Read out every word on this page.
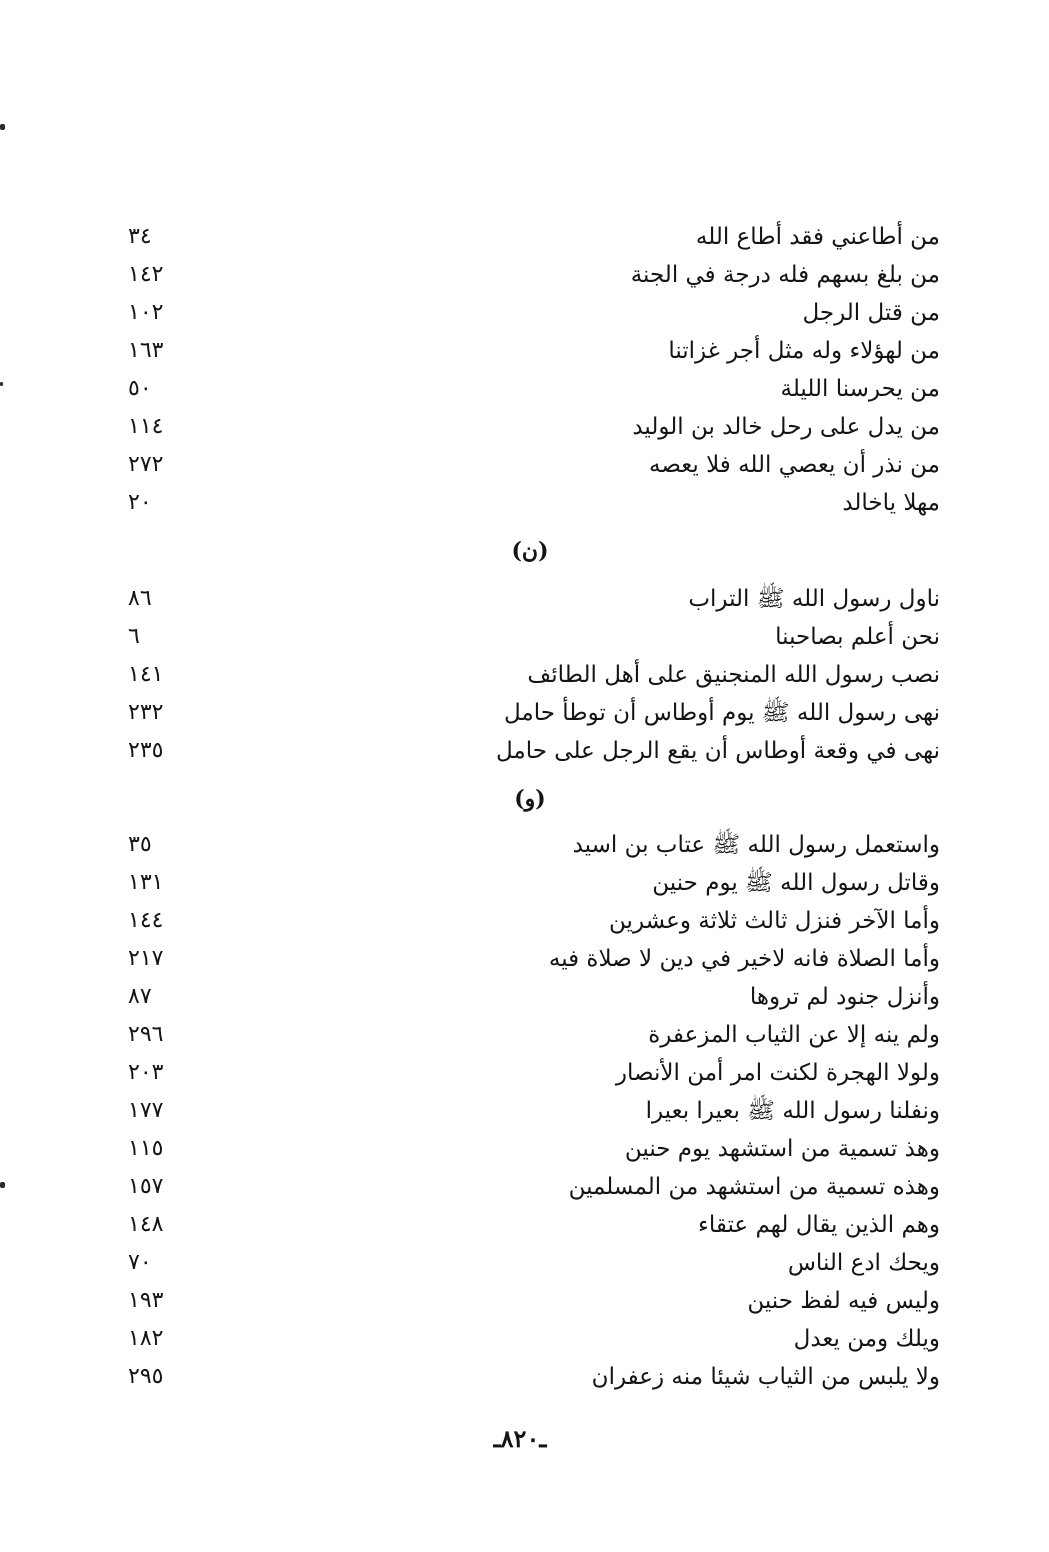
من أطاعني فقد أطاع الله
٣٤
من بلغ بسهم فله درجة في الجنة
١٤٢
من قتل الرجل
١٠٢
من لهؤلاء وله مثل أجر غزاتنا
١٦٣
من يحرسنا الليلة
٥٠
من يدل على رحل خالد بن الوليد
١١٤
من نذر أن يعصي الله فلا يعصه
٢٧٢
مهلا ياخالد
٢٠
(ن)
ناول رسول الله ﷺ التراب
٨٦
نحن أعلم بصاحبنا
٦
نصب رسول الله المنجنيق على أهل الطائف
١٤١
نهى رسول الله ﷺ يوم أوطاس أن توطأ حامل
٢٣٢
نهى في وقعة أوطاس أن يقع الرجل على حامل
٢٣٥
(و)
واستعمل رسول الله ﷺ عتاب بن اسيد
٣٥
وقاتل رسول الله ﷺ يوم حنين
١٣١
وأما الآخر فنزل ثالث ثلاثة وعشرين
١٤٤
وأما الصلاة فانه لاخير في دين لا صلاة فيه
٢١٧
وأنزل جنود لم تروها
٨٧
ولم ينه إلا عن الثياب المزعفرة
٢٩٦
ولولا الهجرة لكنت امر أمن الأنصار
٢٠٣
ونفلنا رسول الله ﷺ بعيرا بعيرا
١٧٧
وهذ تسمية من استشهد يوم حنين
١١٥
وهذه تسمية من استشهد من المسلمين
١٥٧
وهم الذين يقال لهم عتقاء
١٤٨
ويحك ادع الناس
٧٠
وليس فيه لفظ حنين
١٩٣
ويلك ومن يعدل
١٨٢
ولا يلبس من الثياب شيئا منه زعفران
٢٩٥
ـ٨٢٠ـ
